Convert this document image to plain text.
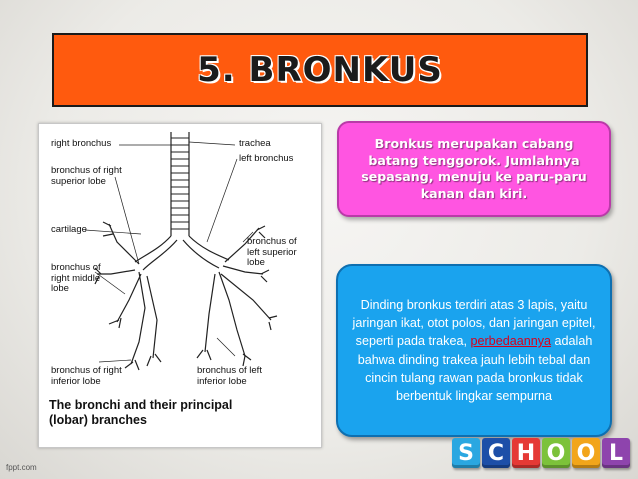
5. BRONKUS
right bronchus	trachea
left bronchus
bronchus of right
superior lobe
cartilage
bronchus of
left superior
lobe
bronchus of
right middle
lobe
bronchus of right
inferior lobe
bronchus of left
inferior lobe
The bronchi and their principal
(lobar) branches
Bronkus merupakan cabang batang tenggorok. Jumlahnya sepasang, menuju ke paru-paru kanan dan kiri.
Dinding bronkus terdiri atas 3 lapis, yaitu jaringan ikat, otot polos, dan jaringan epitel, seperti pada trakea, perbedaannya adalah bahwa dinding trakea jauh lebih tebal dan cincin tulang rawan pada bronkus tidak berbentuk lingkar sempurna
S C H O O L
fppt.com
